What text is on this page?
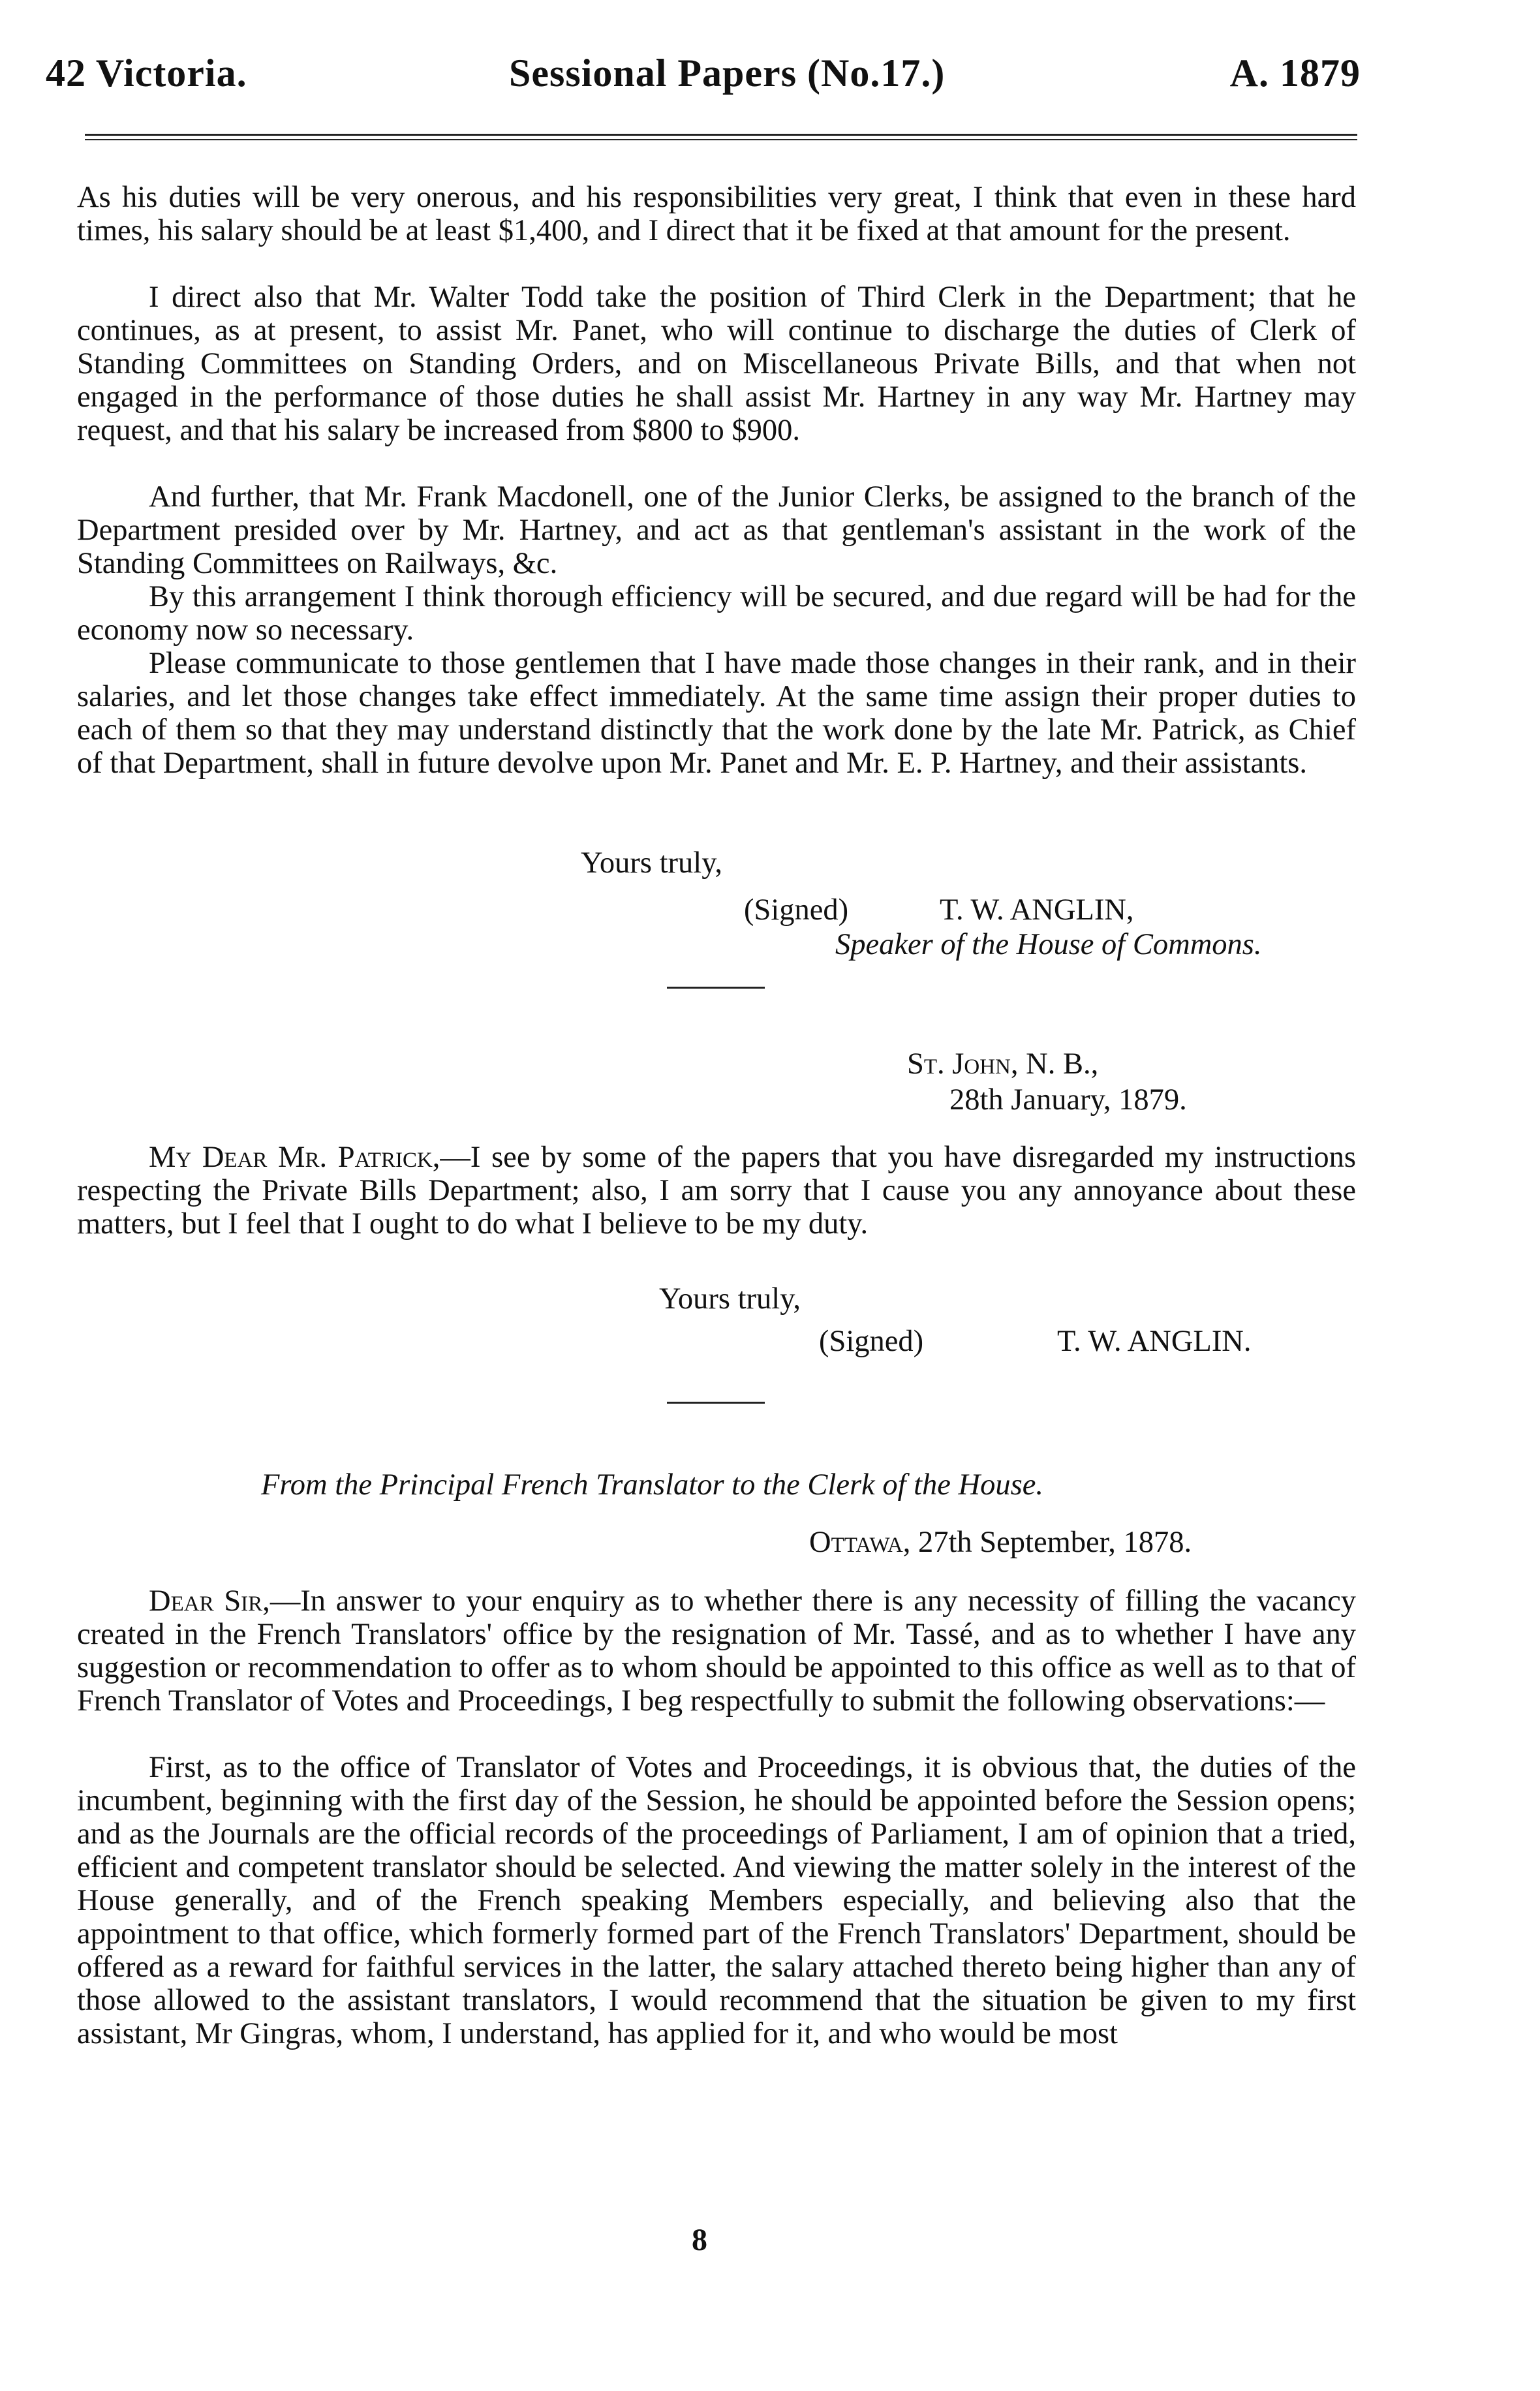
42 Victoria.	Sessional Papers (No.17.)	A. 1879

As his duties will be very onerous, and his responsibilities very great, I think that even in these hard times, his salary should be at least $1,400, and I direct that it be fixed at that amount for the present.

I direct also that Mr. Walter Todd take the position of Third Clerk in the Department; that he continues, as at present, to assist Mr. Panet, who will continue to discharge the duties of Clerk of Standing Committees on Standing Orders, and on Miscellaneous Private Bills, and that when not engaged in the performance of those duties he shall assist Mr. Hartney in any way Mr. Hartney may request, and that his salary be increased from $800 to $900.

And further, that Mr. Frank Macdonell, one of the Junior Clerks, be assigned to the branch of the Department presided over by Mr. Hartney, and act as that gentleman's assistant in the work of the Standing Committees on Railways, &c.

By this arrangement I think thorough efficiency will be secured, and due regard will be had for the economy now so necessary.

Please communicate to those gentlemen that I have made those changes in their rank, and in their salaries, and let those changes take effect immediately. At the same time assign their proper duties to each of them so that they may understand distinctly that the work done by the late Mr. Patrick, as Chief of that Department, shall in future devolve upon Mr. Panet and Mr. E. P. Hartney, and their assistants.

Yours truly,
(Signed)	T. W. ANGLIN,
Speaker of the House of Commons.
St. John, N. B.,
28th January, 1879.

My Dear Mr. Patrick,—I see by some of the papers that you have disregarded my instructions respecting the Private Bills Department; also, I am sorry that I cause you any annoyance about these matters, but I feel that I ought to do what I believe to be my duty.

Yours truly,
(Signed)	T. W. ANGLIN.
From the Principal French Translator to the Clerk of the House.
Ottawa, 27th September, 1878.

Dear Sir,—In answer to your enquiry as to whether there is any necessity of filling the vacancy created in the French Translators' office by the resignation of Mr. Tassé, and as to whether I have any suggestion or recommendation to offer as to whom should be appointed to this office as well as to that of French Translator of Votes and Proceedings, I beg respectfully to submit the following observations:—

First, as to the office of Translator of Votes and Proceedings, it is obvious that, the duties of the incumbent, beginning with the first day of the Session, he should be appointed before the Session opens; and as the Journals are the official records of the proceedings of Parliament, I am of opinion that a tried, efficient and competent translator should be selected. And viewing the matter solely in the interest of the House generally, and of the French speaking Members especially, and believing also that the appointment to that office, which formerly formed part of the French Translators' Department, should be offered as a reward for faithful services in the latter, the salary attached thereto being higher than any of those allowed to the assistant translators, I would recommend that the situation be given to my first assistant, Mr Gingras, whom, I understand, has applied for it, and who would be most

8
